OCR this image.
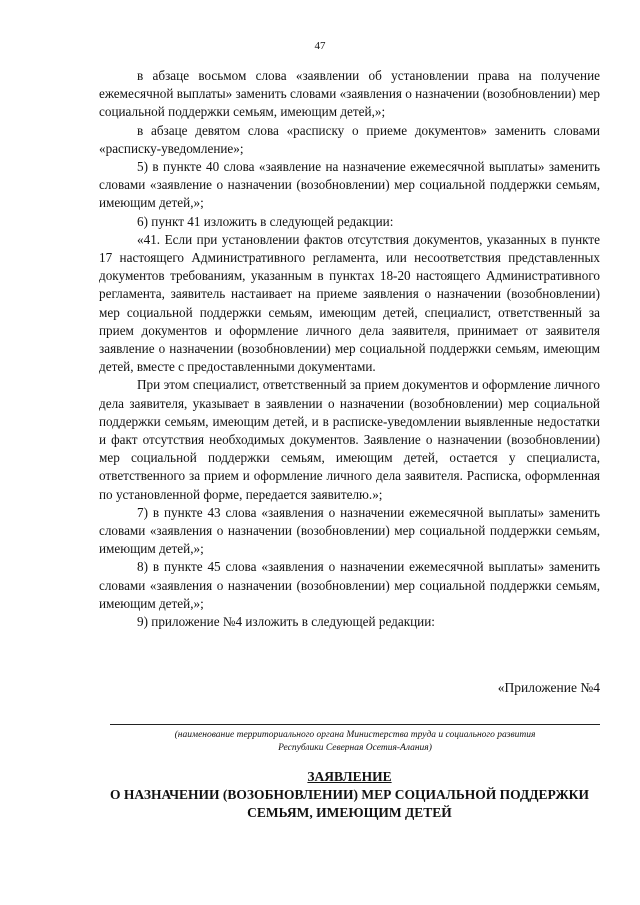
47

в абзаце восьмом слова «заявлении об установлении права на получение ежемесячной выплаты» заменить словами «заявления о назначении (возобновлении) мер социальной поддержки семьям, имеющим детей,»;

в абзаце девятом слова «расписку о приеме документов» заменить словами «расписку-уведомление»;

5) в пункте 40 слова «заявление на назначение ежемесячной выплаты» заменить словами «заявление о назначении (возобновлении) мер социальной поддержки семьям, имеющим детей,»;

6) пункт 41 изложить в следующей редакции:

«41. Если при установлении фактов отсутствия документов, указанных в пункте 17 настоящего Административного регламента, или несоответствия представленных документов требованиям, указанным в пунктах 18-20 настоящего Административного регламента, заявитель настаивает на приеме заявления о назначении (возобновлении) мер социальной поддержки семьям, имеющим детей, специалист, ответственный за прием документов и оформление личного дела заявителя, принимает от заявителя заявление о назначении (возобновлении) мер социальной поддержки семьям, имеющим детей, вместе с предоставленными документами.

При этом специалист, ответственный за прием документов и оформление личного дела заявителя, указывает в заявлении о назначении (возобновлении) мер социальной поддержки семьям, имеющим детей, и в расписке-уведомлении выявленные недостатки и факт отсутствия необходимых документов. Заявление о назначении (возобновлении) мер социальной поддержки семьям, имеющим детей, остается у специалиста, ответственного за прием и оформление личного дела заявителя. Расписка, оформленная по установленной форме, передается заявителю.»;

7) в пункте 43 слова «заявления о назначении ежемесячной выплаты» заменить словами «заявления о назначении (возобновлении) мер социальной поддержки семьям, имеющим детей,»;

8) в пункте 45 слова «заявления о назначении ежемесячной выплаты» заменить словами «заявления о назначении (возобновлении) мер социальной поддержки семьям, имеющим детей,»;

9) приложение №4 изложить в следующей редакции:

«Приложение №4
(наименование территориального органа Министерства труда и социального развития
Республики Северная Осетия-Алания)
ЗАЯВЛЕНИЕ
О НАЗНАЧЕНИИ (ВОЗОБНОВЛЕНИИ) МЕР СОЦИАЛЬНОЙ ПОДДЕРЖКИ
СЕМЬЯМ, ИМЕЮЩИМ ДЕТЕЙ
